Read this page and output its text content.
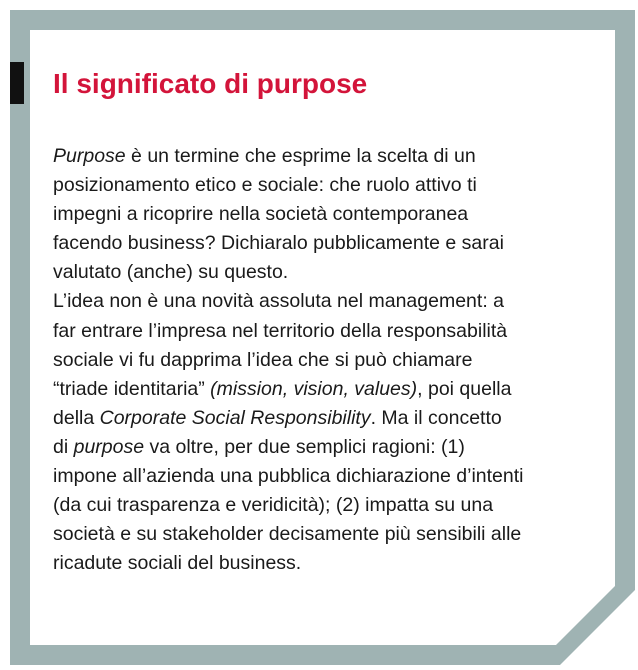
Il significato di purpose

Purpose è un termine che esprime la scelta di un

posizionamento etico e sociale: che ruolo attivo ti

impegni a ricoprire nella società contemporanea

facendo business? Dichiaralo pubblicamente e sarai

valutato (anche) su questo.

L’idea non è una novità assoluta nel management: a

far entrare l’impresa nel territorio della responsabilità

sociale vi fu dapprima l’idea che si può chiamare

“triade identitaria” (mission, vision, values), poi quella

della Corporate Social Responsibility. Ma il concetto

di purpose va oltre, per due semplici ragioni: (1)

impone all’azienda una pubblica dichiarazione d’intenti

(da cui trasparenza e veridicità); (2) impatta su una

società e su stakeholder decisamente più sensibili alle

ricadute sociali del business.
